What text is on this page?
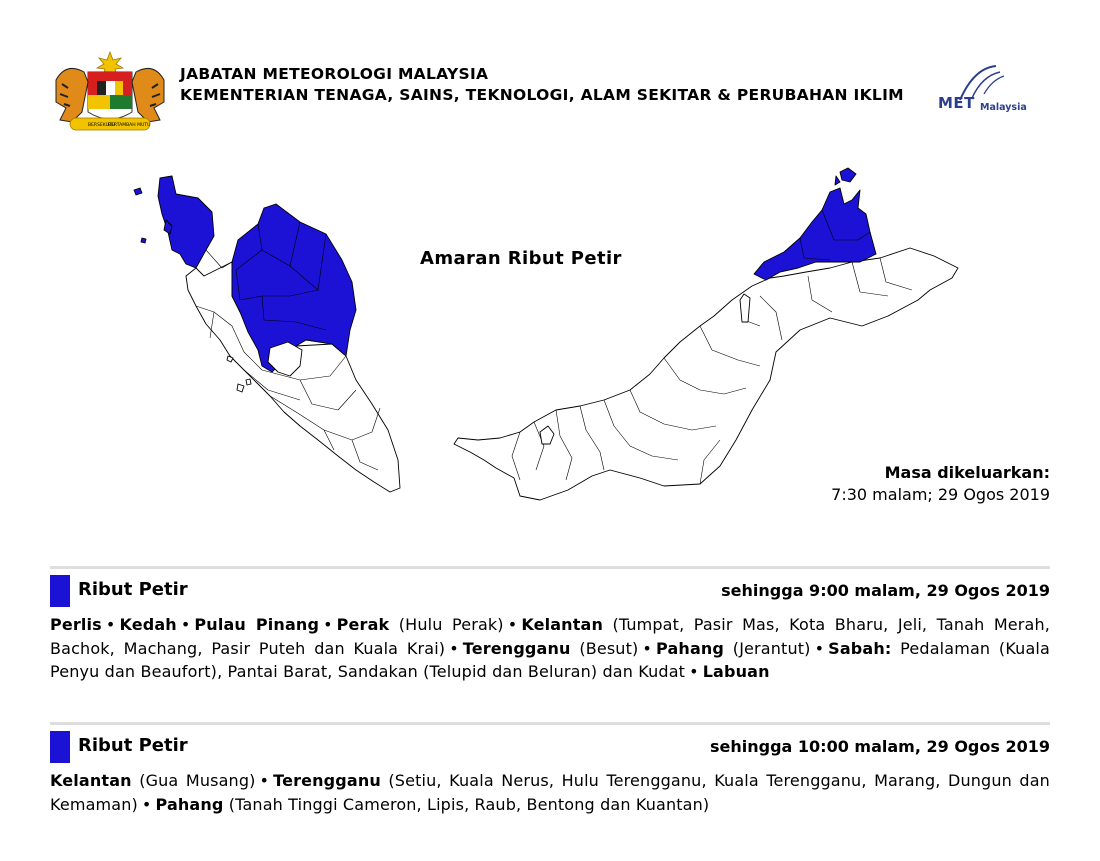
BERSEKUTU
BERTAMBAH MUTU
JABATAN METEOROLOGI MALAYSIA
KEMENTERIAN TENAGA, SAINS, TEKNOLOGI, ALAM SEKITAR & PERUBAHAN IKLIM	MET Malaysia
Amaran Ribut Petir
Masa dikeluarkan:
7:30 malam; 29 Ogos 2019
Ribut Petir	sehingga 9:00 malam, 29 Ogos 2019
Perlis • Kedah • Pulau Pinang • Perak (Hulu Perak) • Kelantan (Tumpat, Pasir Mas, Kota Bharu, Jeli, Tanah Merah, Bachok, Machang, Pasir Puteh dan Kuala Krai) • Terengganu (Besut) • Pahang (Jerantut) • Sabah: Pedalaman (Kuala Penyu dan Beaufort), Pantai Barat, Sandakan (Telupid dan Beluran) dan Kudat • Labuan
Ribut Petir	sehingga 10:00 malam, 29 Ogos 2019
Kelantan (Gua Musang) • Terengganu (Setiu, Kuala Nerus, Hulu Terengganu, Kuala Terengganu, Marang, Dungun dan Kemaman) • Pahang (Tanah Tinggi Cameron, Lipis, Raub, Bentong dan Kuantan)
